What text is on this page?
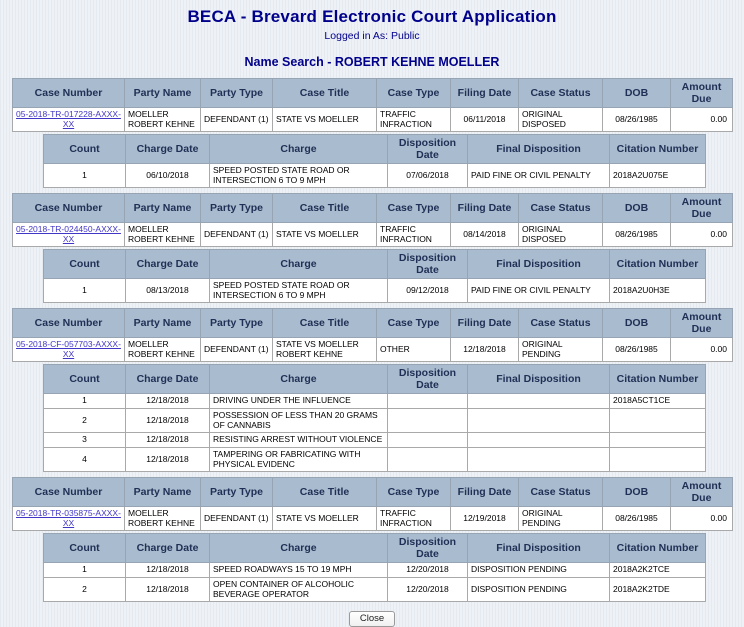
BECA - Brevard Electronic Court Application
Logged in As: Public
Name Search - ROBERT KEHNE MOELLER
Case Number	Party Name	Party Type	Case Title	Case Type	Filing Date	Case Status	DOB	Amount Due
05-2018-TR-017228-AXXX-XX	MOELLER ROBERT KEHNE	DEFENDANT (1)	STATE VS MOELLER	TRAFFIC INFRACTION	06/11/2018	ORIGINAL DISPOSED	08/26/1985	0.00
Count	Charge Date	Charge	Disposition Date	Final Disposition	Citation Number
1	06/10/2018	SPEED POSTED STATE ROAD OR INTERSECTION 6 TO 9 MPH	07/06/2018	PAID FINE OR CIVIL PENALTY	2018A2U075E
Case Number	Party Name	Party Type	Case Title	Case Type	Filing Date	Case Status	DOB	Amount Due
05-2018-TR-024450-AXXX-XX	MOELLER ROBERT KEHNE	DEFENDANT (1)	STATE VS MOELLER	TRAFFIC INFRACTION	08/14/2018	ORIGINAL DISPOSED	08/26/1985	0.00
Count	Charge Date	Charge	Disposition Date	Final Disposition	Citation Number
1	08/13/2018	SPEED POSTED STATE ROAD OR INTERSECTION 6 TO 9 MPH	09/12/2018	PAID FINE OR CIVIL PENALTY	2018A2U0H3E
Case Number	Party Name	Party Type	Case Title	Case Type	Filing Date	Case Status	DOB	Amount Due
05-2018-CF-057703-AXXX-XX	MOELLER ROBERT KEHNE	DEFENDANT (1)	STATE VS MOELLER ROBERT KEHNE	OTHER	12/18/2018	ORIGINAL PENDING	08/26/1985	0.00
Count	Charge Date	Charge	Disposition Date	Final Disposition	Citation Number
1	12/18/2018	DRIVING UNDER THE INFLUENCE			2018A5CT1CE
2	12/18/2018	POSSESSION OF LESS THAN 20 GRAMS OF CANNABIS			
3	12/18/2018	RESISTING ARREST WITHOUT VIOLENCE			
4	12/18/2018	TAMPERING OR FABRICATING WITH PHYSICAL EVIDENC			
Case Number	Party Name	Party Type	Case Title	Case Type	Filing Date	Case Status	DOB	Amount Due
05-2018-TR-035875-AXXX-XX	MOELLER ROBERT KEHNE	DEFENDANT (1)	STATE VS MOELLER	TRAFFIC INFRACTION	12/19/2018	ORIGINAL PENDING	08/26/1985	0.00
Count	Charge Date	Charge	Disposition Date	Final Disposition	Citation Number
1	12/18/2018	SPEED ROADWAYS 15 TO 19 MPH	12/20/2018	DISPOSITION PENDING	2018A2K2TCE
2	12/18/2018	OPEN CONTAINER OF ALCOHOLIC BEVERAGE OPERATOR	12/20/2018	DISPOSITION PENDING	2018A2K2TDE
Close
